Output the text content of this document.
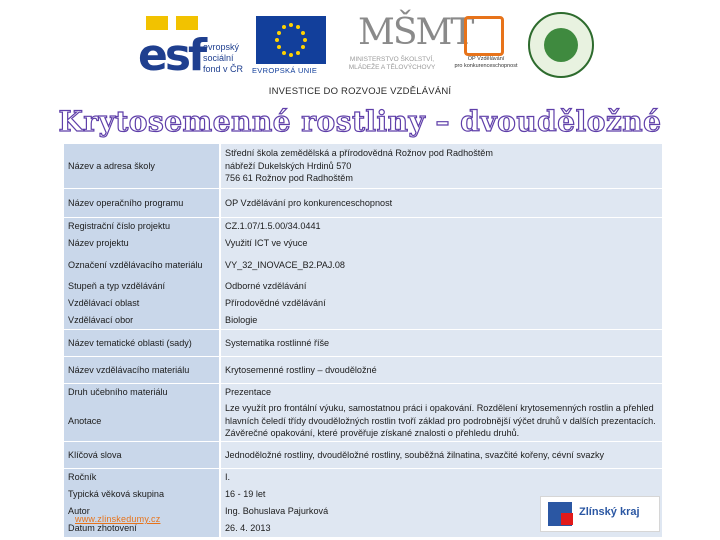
esf
evropský
sociální
fond v ČR	EVROPSKÁ UNIE
MŠMT
MINISTERSTVO ŠKOLSTVÍ,
MLÁDEŽE A TĚLOVÝCHOVY
OP Vzdělávání
pro konkurenceschopnost
INVESTICE DO ROZVOJE VZDĚLÁVÁNÍ
Krytosemenné rostliny – dvouděložné
Název a adresa školy	Střední škola zemědělská a přírodovědná Rožnov pod Radhoštěm
nábřeží Dukelských Hrdinů 570
756 61 Rožnov pod Radhoštěm

Název operačního programu	OP Vzdělávání pro konkurenceschopnost
Registrační číslo projektu	CZ.1.07/1.5.00/34.0441
Název projektu	Využití ICT ve výuce
Označení vzdělávacího materiálu	VY_32_INOVACE_B2.PAJ.08
Stupeň a typ vzdělávání	Odborné vzdělávání
Vzdělávací oblast	Přírodovědné vzdělávání
Vzdělávací obor	Biologie
Název tematické oblasti (sady)	Systematika rostlinné říše
Název vzdělávacího materiálu	Krytosemenné rostliny – dvouděložné
Druh učebního materiálu	Prezentace
Anotace	Lze využít pro frontální výuku, samostatnou práci i opakování. Rozdělení krytosemenných rostlin a přehled hlavních čeledí třídy dvouděložných rostlin tvoří základ pro podrobnější výčet druhů v dalších prezentacích. Závěrečné opakování, které prověřuje získané znalosti o přehledu druhů.
Klíčová slova	Jednoděložné rostliny, dvouděložné rostliny, souběžná žilnatina, svazčité kořeny, cévní svazky
Ročník	I.
Typická věková skupina	16 - 19 let
Autor	Ing. Bohuslava Pajurková
Datum zhotovení	26. 4. 2013
www.zlinskedumy.cz
Zlínský kraj
